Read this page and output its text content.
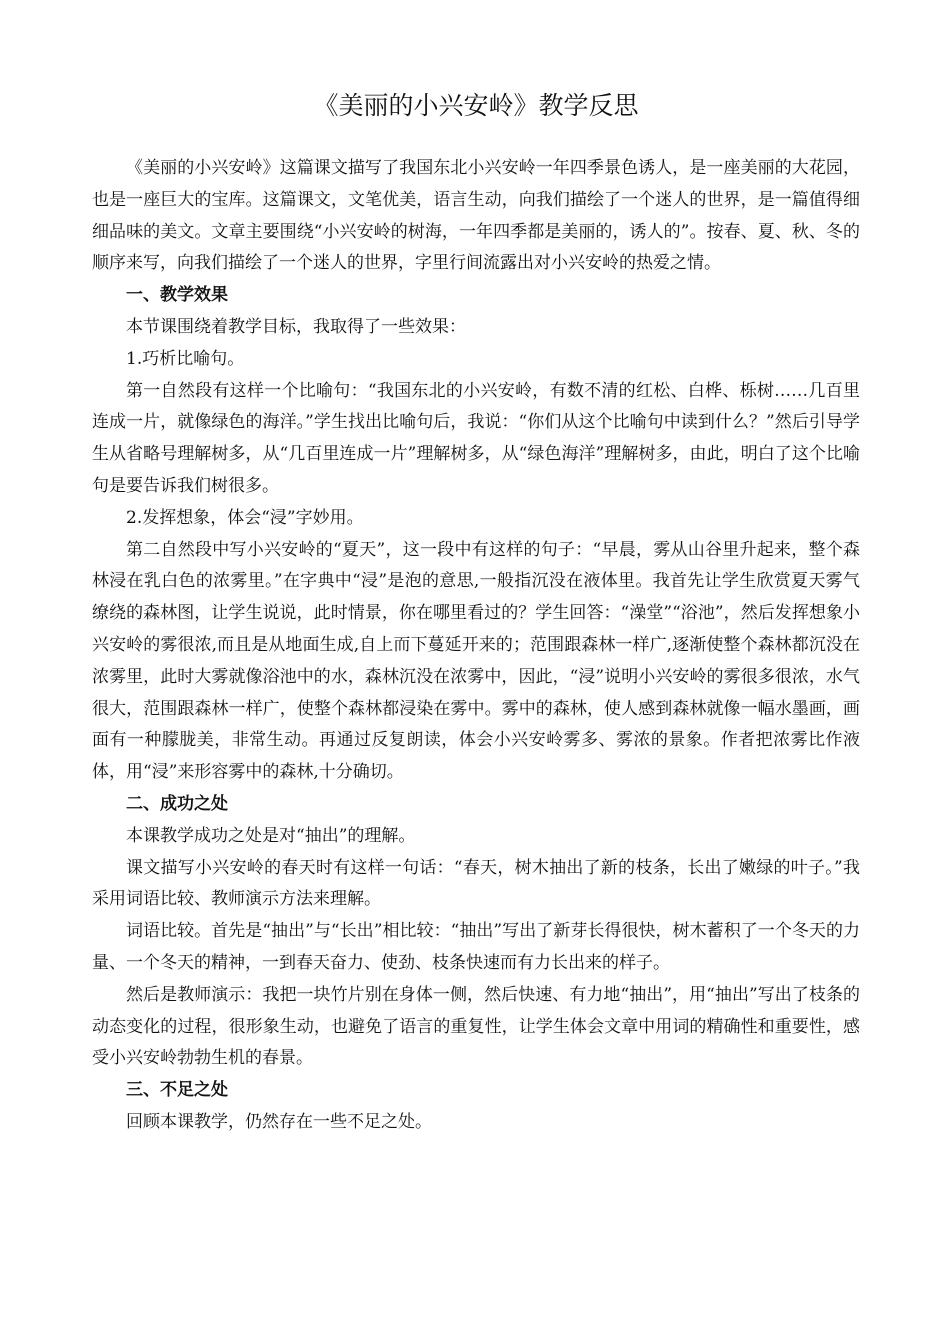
《美丽的小兴安岭》教学反思

《美丽的小兴安岭》这篇课文描写了我国东北小兴安岭一年四季景色诱人，是一座美丽的大花园，也是一座巨大的宝库。这篇课文，文笔优美，语言生动，向我们描绘了一个迷人的世界，是一篇值得细细品味的美文。文章主要围绕“小兴安岭的树海，一年四季都是美丽的，诱人的”。按春、夏、秋、冬的顺序来写，向我们描绘了一个迷人的世界，字里行间流露出对小兴安岭的热爱之情。

一、教学效果

本节课围绕着教学目标，我取得了一些效果：

1.巧析比喻句。

第一自然段有这样一个比喻句：“我国东北的小兴安岭，有数不清的红松、白桦、栎树……几百里连成一片，就像绿色的海洋。”学生找出比喻句后，我说：“你们从这个比喻句中读到什么？”然后引导学生从省略号理解树多，从“几百里连成一片”理解树多，从“绿色海洋”理解树多，由此，明白了这个比喻句是要告诉我们树很多。

2.发挥想象，体会“浸”字妙用。

第二自然段中写小兴安岭的“夏天”，这一段中有这样的句子：“早晨，雾从山谷里升起来，整个森林浸在乳白色的浓雾里。”在字典中“浸”是泡的意思,一般指沉没在液体里。我首先让学生欣赏夏天雾气缭绕的森林图，让学生说说，此时情景，你在哪里看过的？学生回答：“澡堂”“浴池”，然后发挥想象小兴安岭的雾很浓,而且是从地面生成,自上而下蔓延开来的；范围跟森林一样广,逐渐使整个森林都沉没在浓雾里，此时大雾就像浴池中的水，森林沉没在浓雾中，因此，“浸”说明小兴安岭的雾很多很浓，水气很大，范围跟森林一样广，使整个森林都浸染在雾中。雾中的森林，使人感到森林就像一幅水墨画，画面有一种朦胧美，非常生动。再通过反复朗读，体会小兴安岭雾多、雾浓的景象。作者把浓雾比作液体，用“浸”来形容雾中的森林,十分确切。

二、成功之处

本课教学成功之处是对“抽出”的理解。

课文描写小兴安岭的春天时有这样一句话：“春天，树木抽出了新的枝条，长出了嫩绿的叶子。”我采用词语比较、教师演示方法来理解。

词语比较。首先是“抽出”与“长出”相比较：“抽出”写出了新芽长得很快，树木蓄积了一个冬天的力量、一个冬天的精神，一到春天奋力、使劲、枝条快速而有力长出来的样子。

然后是教师演示：我把一块竹片别在身体一侧，然后快速、有力地“抽出”，用“抽出”写出了枝条的动态变化的过程，很形象生动，也避免了语言的重复性，让学生体会文章中用词的精确性和重要性，感受小兴安岭勃勃生机的春景。

三、不足之处

回顾本课教学，仍然存在一些不足之处。
